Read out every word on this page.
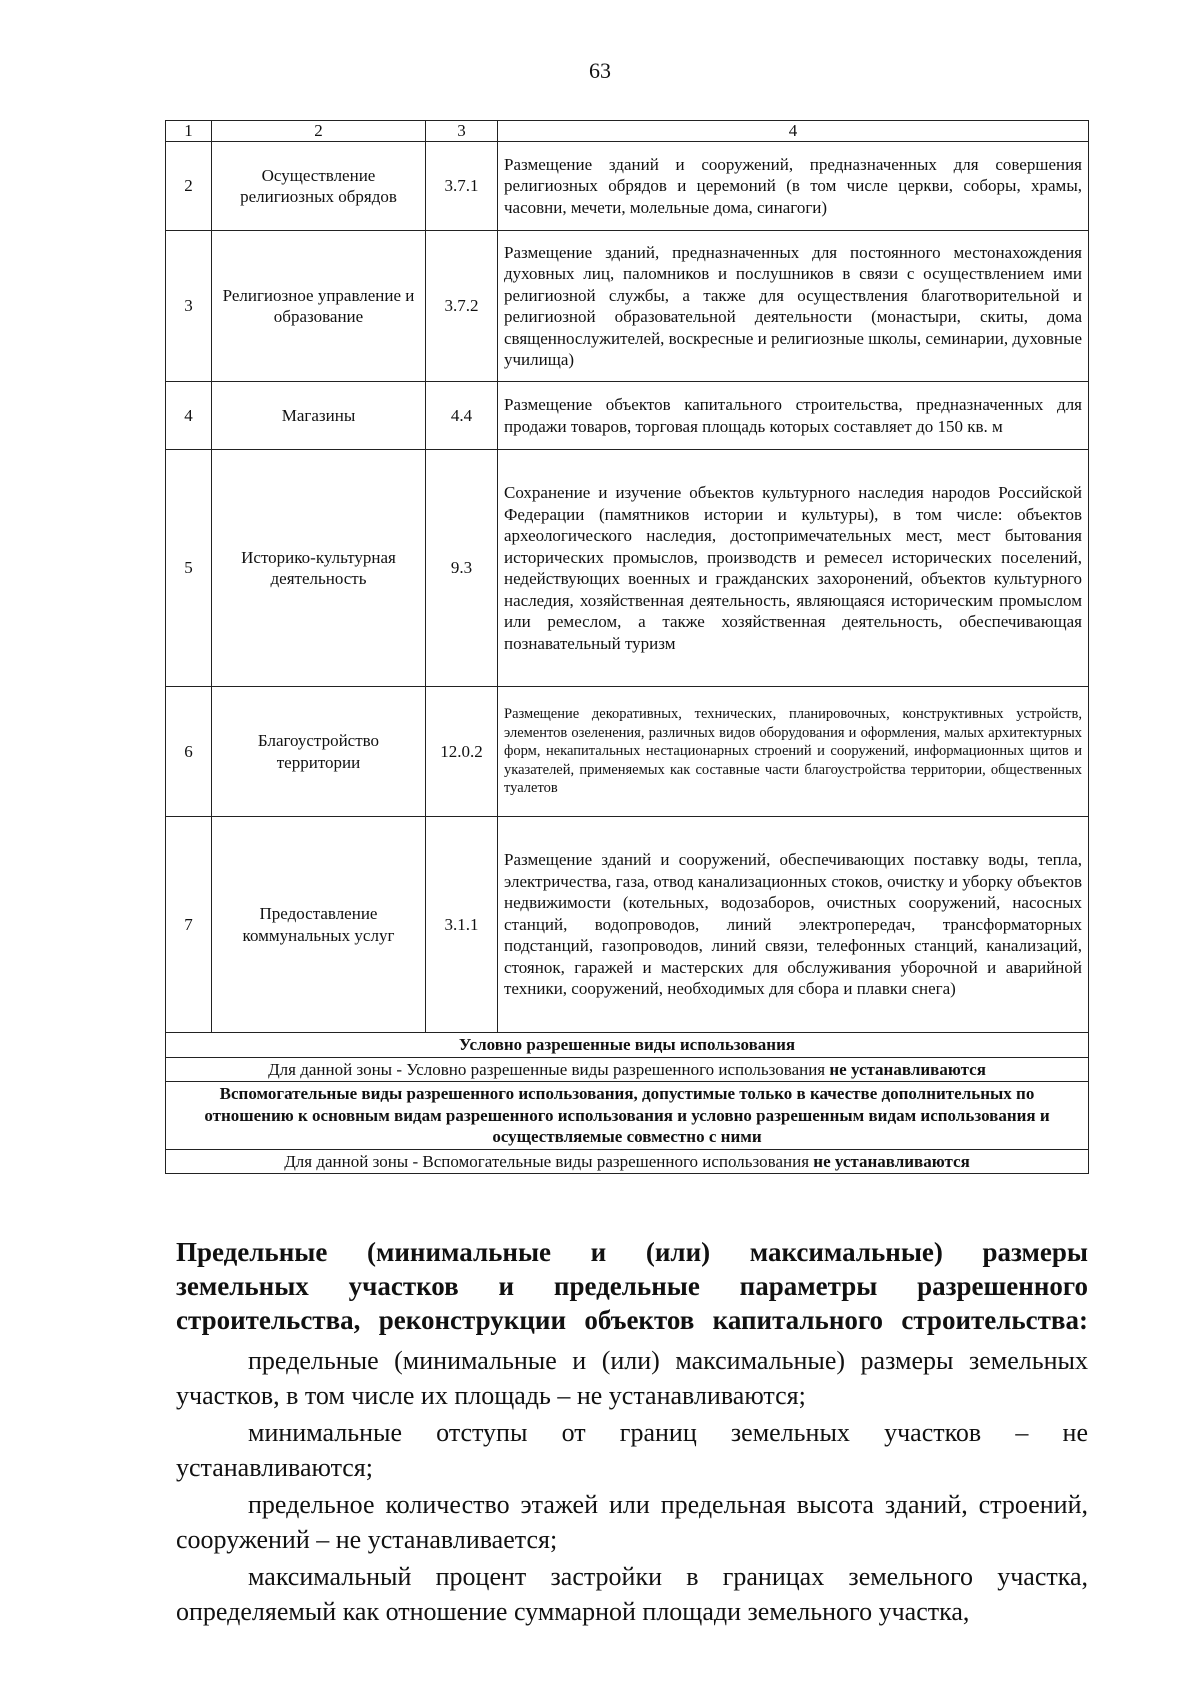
63
1	2	3	4
2	Осуществление религиозных обрядов	3.7.1	Размещение зданий и сооружений, предназначенных для совершения религиозных обрядов и церемоний (в том числе церкви, соборы, храмы, часовни, мечети, молельные дома, синагоги)
3	Религиозное управление и образование	3.7.2	Размещение зданий, предназначенных для постоянного местонахождения духовных лиц, паломников и послушников в связи с осуществлением ими религиозной службы, а также для осуществления благотворительной и религиозной образовательной деятельности (монастыри, скиты, дома священнослужителей, воскресные и религиозные школы, семинарии, духовные училища)
4	Магазины	4.4	Размещение объектов капитального строительства, предназначенных для продажи товаров, торговая площадь которых составляет до 150 кв. м
5	Историко-культурная деятельность	9.3	Сохранение и изучение объектов культурного наследия народов Российской Федерации (памятников истории и культуры), в том числе: объектов археологического наследия, достопримечательных мест, мест бытования исторических промыслов, производств и ремесел исторических поселений, недействующих военных и гражданских захоронений, объектов культурного наследия, хозяйственная деятельность, являющаяся историческим промыслом или ремеслом, а также хозяйственная деятельность, обеспечивающая познавательный туризм
6	Благоустройство территории	12.0.2	Размещение декоративных, технических, планировочных, конструктивных устройств, элементов озеленения, различных видов оборудования и оформления, малых архитектурных форм, некапитальных нестационарных строений и сооружений, информационных щитов и указателей, применяемых как составные части благоустройства территории, общественных туалетов
7	Предоставление коммунальных услуг	3.1.1	Размещение зданий и сооружений, обеспечивающих поставку воды, тепла, электричества, газа, отвод канализационных стоков, очистку и уборку объектов недвижимости (котельных, водозаборов, очистных сооружений, насосных станций, водопроводов, линий электропередач, трансформаторных подстанций, газопроводов, линий связи, телефонных станций, канализаций, стоянок, гаражей и мастерских для обслуживания уборочной и аварийной техники, сооружений, необходимых для сбора и плавки снега)
Условно разрешенные виды использования			
Для данной зоны - Условно разрешенные виды разрешенного использования не устанавливаются			
Вспомогательные виды разрешенного использования, допустимые только в качестве дополнительных по отношению к основным видам разрешенного использования и условно разрешенным видам использования и осуществляемые совместно с ними			
Для данной зоны - Вспомогательные виды разрешенного использования не устанавливаются			
Предельные (минимальные и (или) максимальные) размеры
земельных участков и предельные параметры разрешенного
строительства, реконструкции объектов капитального строительства:
предельные (минимальные и (или) максимальные) размеры земельных участков, в том числе их площадь – не устанавливаются;
минимальные отступы от границ земельных участков – не устанавливаются;
предельное количество этажей или предельная высота зданий, строений, сооружений – не устанавливается;
максимальный процент застройки в границах земельного участка, определяемый как отношение суммарной площади земельного участка,
